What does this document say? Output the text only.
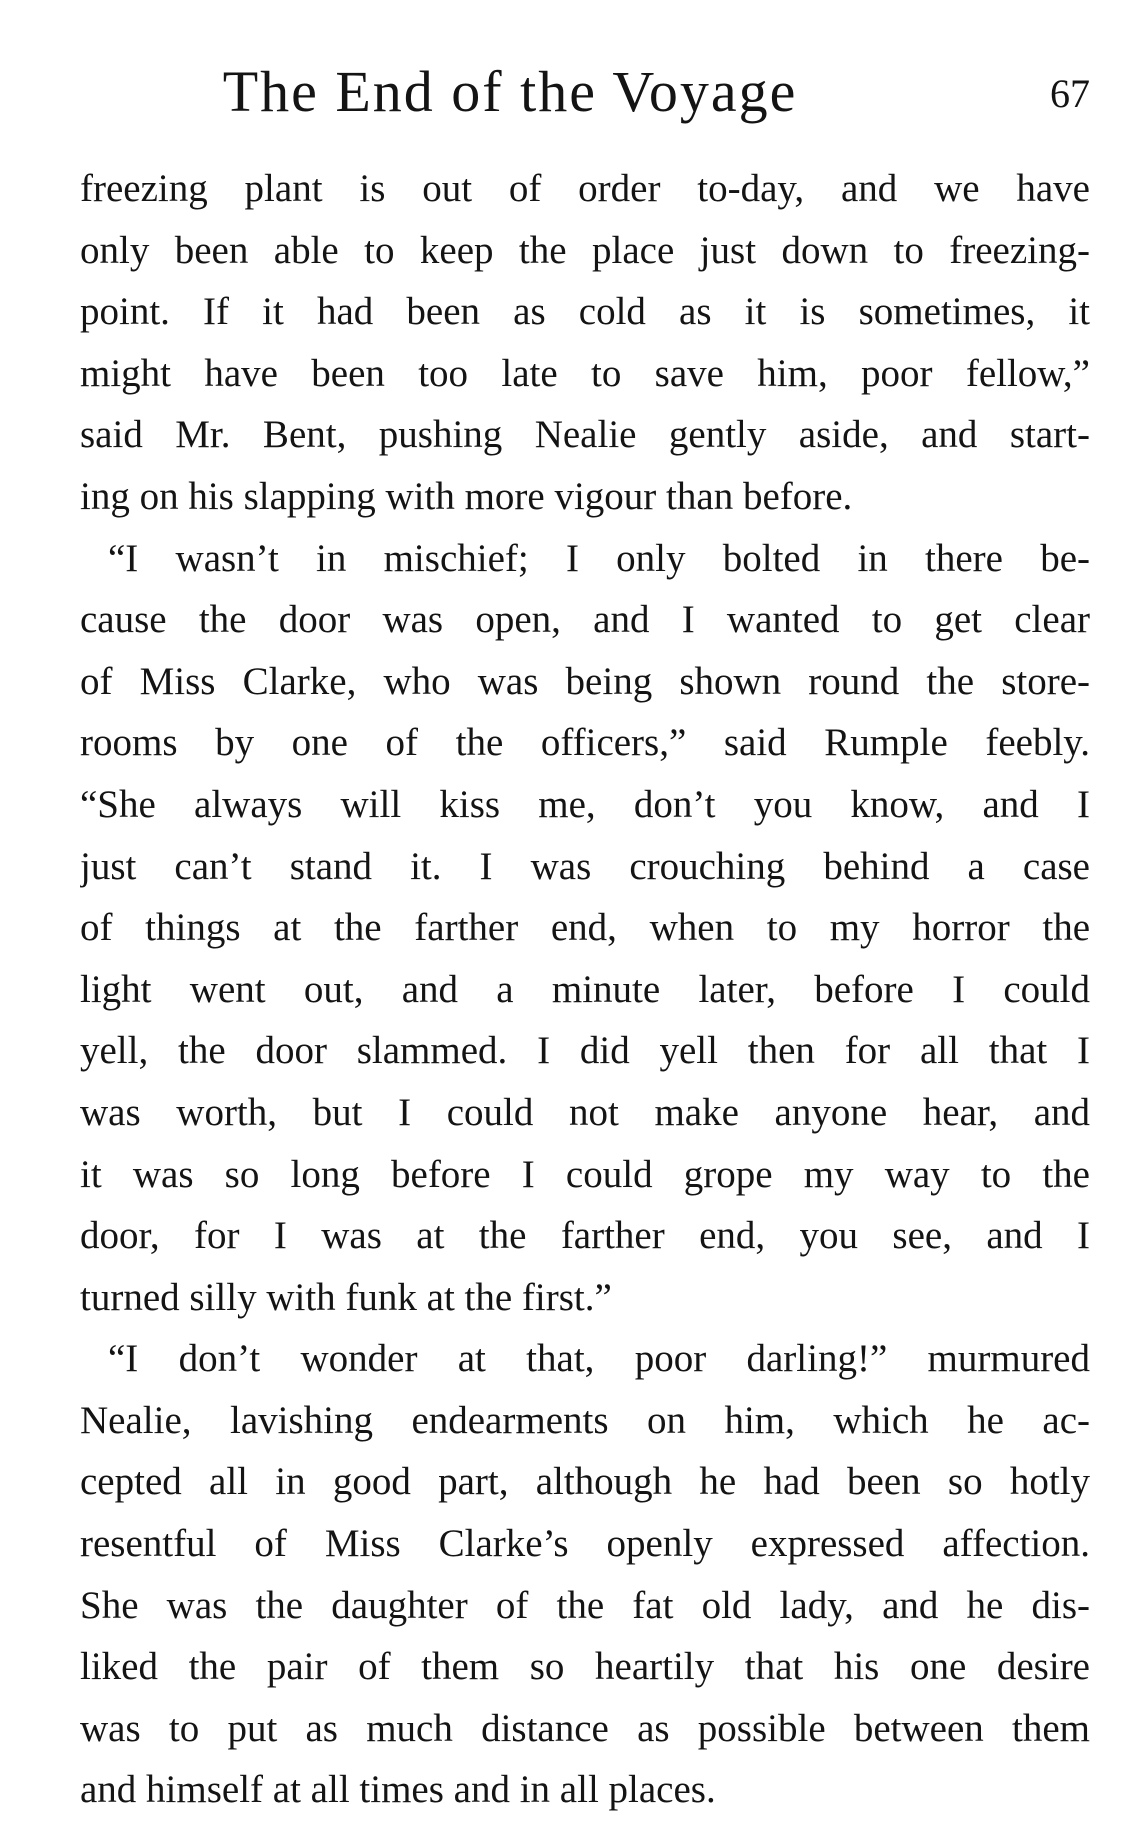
The End of the Voyage	67
freezing plant is out of order to-day, and we have
only been able to keep the place just down to freezing-
point. If it had been as cold as it is sometimes, it
might have been too late to save him, poor fellow,”
said Mr. Bent, pushing Nealie gently aside, and start-
ing on his slapping with more vigour than before.
“I wasn’t in mischief; I only bolted in there be-
cause the door was open, and I wanted to get clear
of Miss Clarke, who was being shown round the store-
rooms by one of the officers,” said Rumple feebly.
“She always will kiss me, don’t you know, and I
just can’t stand it. I was crouching behind a case
of things at the farther end, when to my horror the
light went out, and a minute later, before I could
yell, the door slammed. I did yell then for all that I
was worth, but I could not make anyone hear, and
it was so long before I could grope my way to the
door, for I was at the farther end, you see, and I
turned silly with funk at the first.”
“I don’t wonder at that, poor darling!” murmured
Nealie, lavishing endearments on him, which he ac-
cepted all in good part, although he had been so hotly
resentful of Miss Clarke’s openly expressed affection.
She was the daughter of the fat old lady, and he dis-
liked the pair of them so heartily that his one desire
was to put as much distance as possible between them
and himself at all times and in all places.
